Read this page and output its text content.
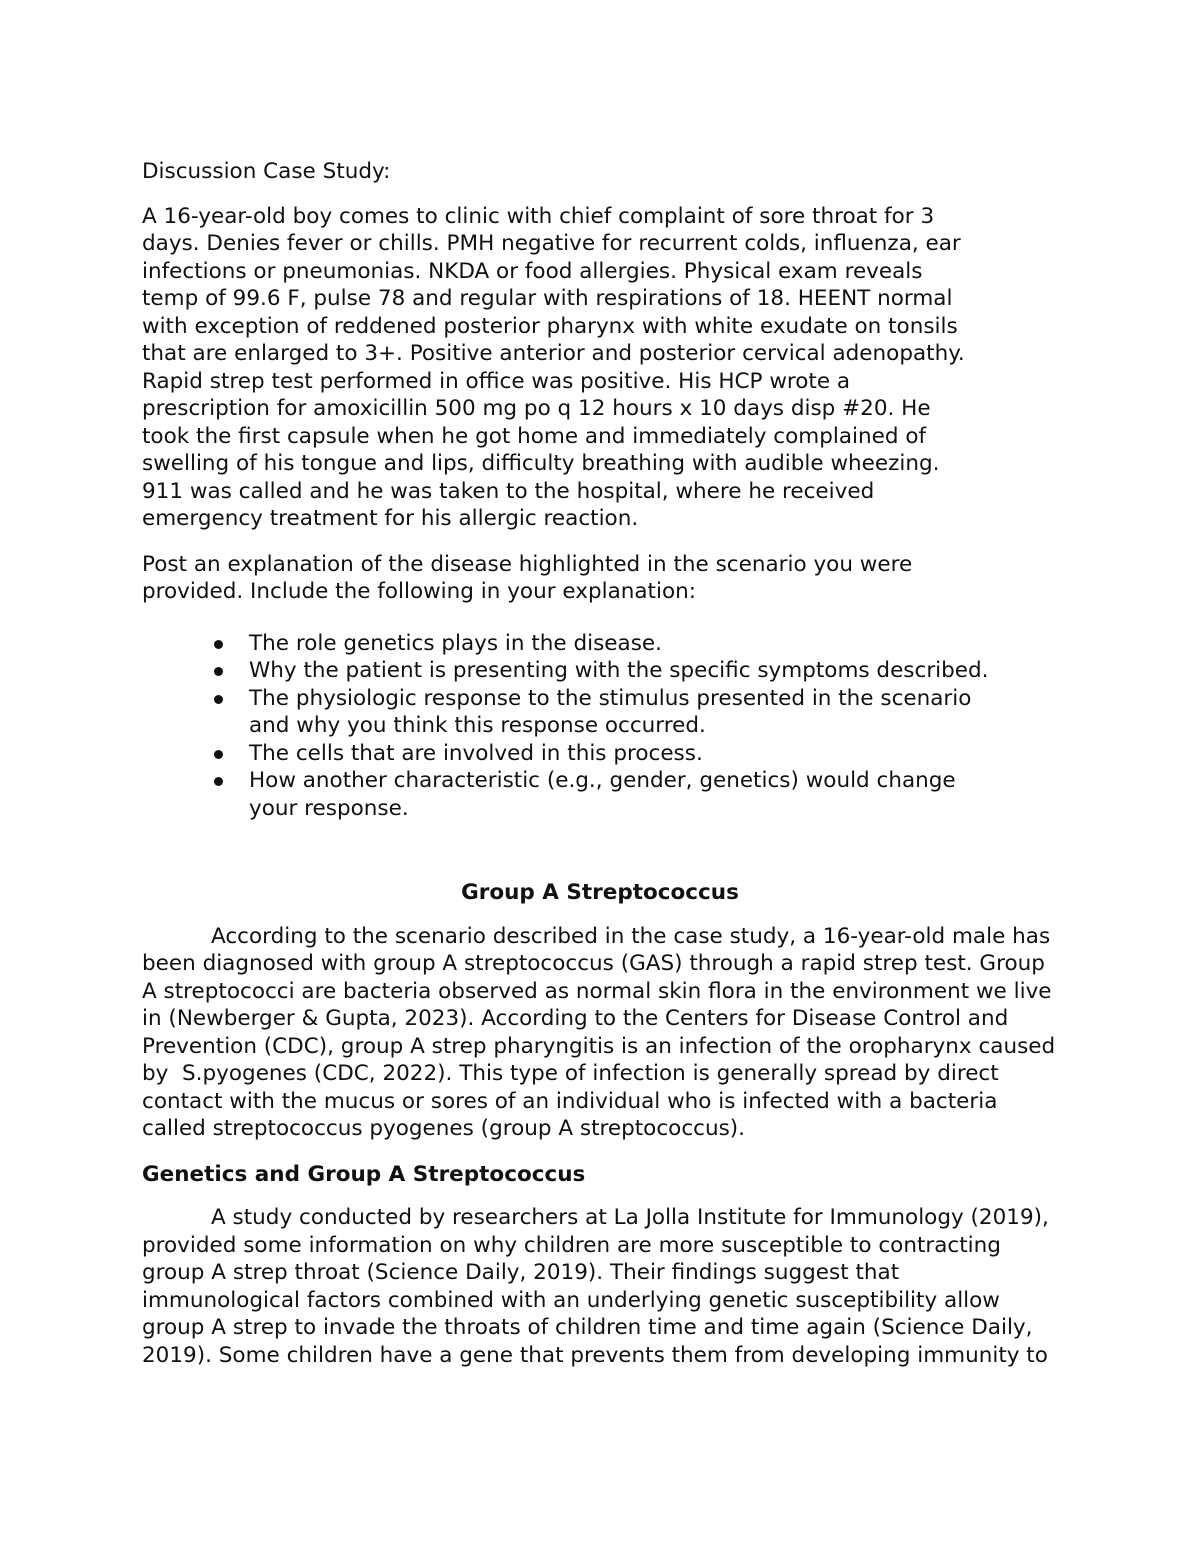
Discussion Case Study:
A 16-year-old boy comes to clinic with chief complaint of sore throat for 3
days. Denies fever or chills. PMH negative for recurrent colds, influenza, ear
infections or pneumonias. NKDA or food allergies. Physical exam reveals
temp of 99.6 F, pulse 78 and regular with respirations of 18. HEENT normal
with exception of reddened posterior pharynx with white exudate on tonsils
that are enlarged to 3+. Positive anterior and posterior cervical adenopathy.
Rapid strep test performed in office was positive. His HCP wrote a
prescription for amoxicillin 500 mg po q 12 hours x 10 days disp #20. He
took the first capsule when he got home and immediately complained of
swelling of his tongue and lips, difficulty breathing with audible wheezing.
911 was called and he was taken to the hospital, where he received
emergency treatment for his allergic reaction.
Post an explanation of the disease highlighted in the scenario you were
provided. Include the following in your explanation:
The role genetics plays in the disease.
Why the patient is presenting with the specific symptoms described.
The physiologic response to the stimulus presented in the scenario
and why you think this response occurred.
The cells that are involved in this process.
How another characteristic (e.g., gender, genetics) would change
your response.
Group A Streptococcus
According to the scenario described in the case study, a 16-year-old male has
been diagnosed with group A streptococcus (GAS) through a rapid strep test. Group
A streptococci are bacteria observed as normal skin flora in the environment we live
in (Newberger & Gupta, 2023). According to the Centers for Disease Control and
Prevention (CDC), group A strep pharyngitis is an infection of the oropharynx caused
by  S.pyogenes (CDC, 2022). This type of infection is generally spread by direct
contact with the mucus or sores of an individual who is infected with a bacteria
called streptococcus pyogenes (group A streptococcus).
Genetics and Group A Streptococcus
A study conducted by researchers at La Jolla Institute for Immunology (2019),
provided some information on why children are more susceptible to contracting
group A strep throat (Science Daily, 2019). Their findings suggest that
immunological factors combined with an underlying genetic susceptibility allow
group A strep to invade the throats of children time and time again (Science Daily,
2019). Some children have a gene that prevents them from developing immunity to
